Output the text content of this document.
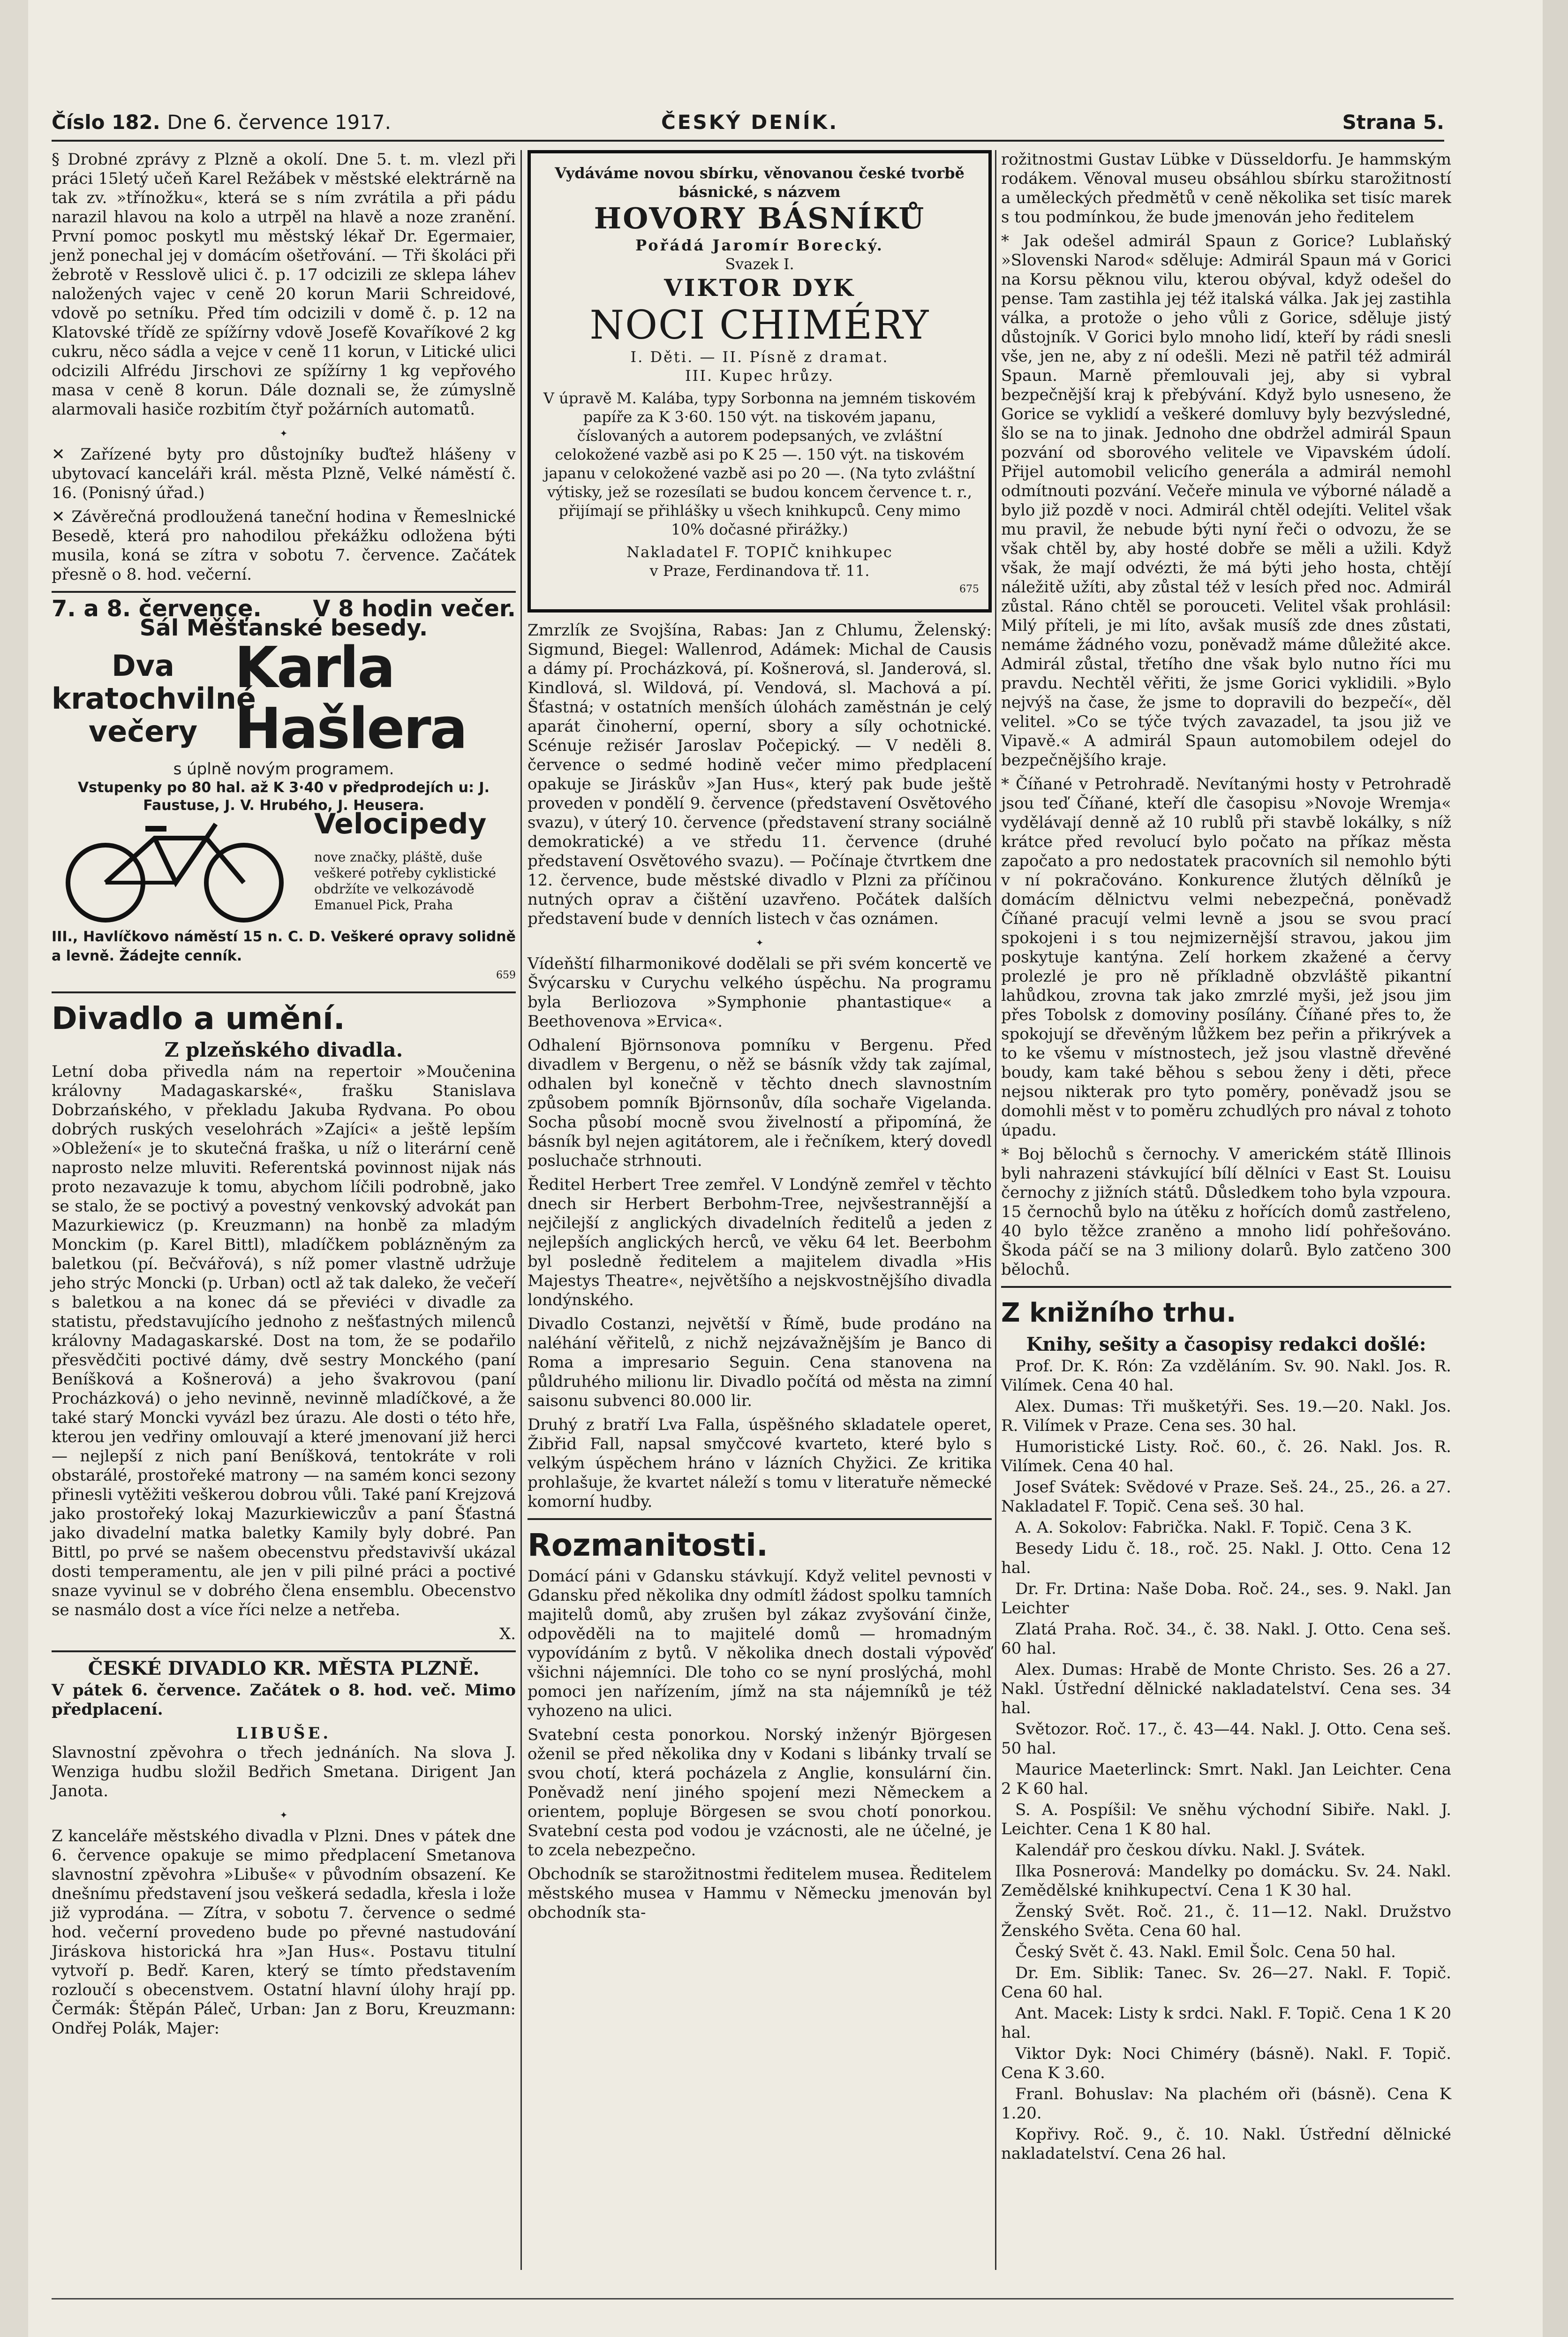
Číslo 182. Dne 6. července 1917.	ČESKÝ DENÍK.	Strana 5.

§ Drobné zprávy z Plzně a okolí. Dne 5. t. m. vlezl při práci 15letý učeň Karel Režábek v městské elektrárně na tak zv. »třínožku«, která se s ním zvrátila a při pádu narazil hlavou na kolo a utrpěl na hlavě a noze zranění. První pomoc poskytl mu městský lékař Dr. Egermaier, jenž ponechal jej v domácím ošetřování. — Tři školáci při žebrotě v Resslově ulici č. p. 17 odcizili ze sklepa láhev naložených vajec v ceně 20 korun Marii Schreidové, vdově po setníku. Před tím odcizili v domě č. p. 12 na Klatovské třídě ze spížírny vdově Josefě Kovaříkové 2 kg cukru, něco sádla a vejce v ceně 11 korun, v Litické ulici odcizili Alfrédu Jirschovi ze spížírny 1 kg vepřového masa v ceně 8 korun. Dále doznali se, že zúmyslně alarmovali hasiče rozbitím čtyř požárních automatů.

✦

✕ Zařízené byty pro důstojníky buďtež hlášeny v ubytovací kanceláři král. města Plzně, Velké náměstí č. 16. (Ponisný úřad.)

✕ Závěrečná prodloužená taneční hodina v Řemeslnické Besedě, která pro nahodilou překážku odložena býti musila, koná se zítra v sobotu 7. července. Začátek přesně o 8. hod. večerní.

7. a 8. července. V 8 hodin večer.
Sál Měšťanské besedy.
Dva kratochvilné večery
Karla Hašlera
s úplně novým programem.
Vstupenky po 80 hal. až K 3·40 v předprodejích u: J. Faustuse, J. V. Hrubého, J. Heusera.
Velocipedy
nove značky, pláště, duše veškeré potřeby cyklistické obdržíte ve velkozávodě Emanuel Pick, Praha
III., Havlíčkovo náměstí 15 n. C. D. Veškeré opravy solidně a levně. Žádejte cenník.
659
Divadlo a umění.
Z plzeňského divadla.

Letní doba přivedla nám na repertoir »Moučenina královny Madagaskarské«, frašku Stanislava Dobrzańského, v překladu Jakuba Rydvana. Po obou dobrých ruských veselohrách »Zajíci« a ještě lepším »Obležení« je to skutečná fraška, u níž o literární ceně naprosto nelze mluviti. Referentská povinnost nijak nás proto nezavazuje k tomu, abychom líčili podrobně, jako se stalo, že se poctivý a povestný venkovský advokát pan Mazurkiewicz (p. Kreuzmann) na honbě za mladým Monckim (p. Karel Bittl), mladíčkem poblázněným za baletkou (pí. Bečvářová), s níž pomer vlastně udržuje jeho strýc Moncki (p. Urban) octl až tak daleko, že večeří s baletkou a na konec dá se převiéci v divadle za statistu, představujícího jednoho z nešťastných milenců královny Madagaskarské. Dost na tom, že se podařilo přesvědčiti poctivé dámy, dvě sestry Monckého (paní Beníšková a Košnerová) a jeho švakrovou (paní Procházková) o jeho nevinně, nevinně mladíčkové, a že také starý Moncki vyvázl bez úrazu. Ale dosti o této hře, kterou jen vedřiny omlouvají a které jmenovaní již herci — nejlepší z nich paní Beníšková, tentokráte v roli obstarálé, prostořeké matrony — na samém konci sezony přinesli vytěžiti veškerou dobrou vůli. Také paní Krejzová jako prostořeký lokaj Mazurkiewiczův a paní Šťastná jako divadelní matka baletky Kamily byly dobré. Pan Bittl, po prvé se našem obecenstvu představivší ukázal dosti temperamentu, ale jen v pili pilné práci a poctivé snaze vyvinul se v dobrého člena ensemblu. Obecenstvo se nasmálo dost a více říci nelze a netřeba.

X.
ČESKÉ DIVADLO KR. MĚSTA PLZNĚ.

V pátek 6. července. Začátek o 8. hod. več. Mimo předplacení.

LIBUŠE.

Slavnostní zpěvohra o třech jednáních. Na slova J. Wenziga hudbu složil Bedřich Smetana. Dirigent Jan Janota.

✦

Z kanceláře městského divadla v Plzni. Dnes v pátek dne 6. července opakuje se mimo předplacení Smetanova slavnostní zpěvohra »Libuše« v původním obsazení. Ke dnešnímu představení jsou veškerá sedadla, křesla i lože již vyprodána. — Zítra, v sobotu 7. července o sedmé hod. večerní provedeno bude po převné nastudování Jiráskova historická hra »Jan Hus«. Postavu titulní vytvoří p. Bedř. Karen, který se tímto představením rozloučí s obecenstvem. Ostatní hlavní úlohy hrají pp. Čermák: Štěpán Páleč, Urban: Jan z Boru, Kreuzmann: Ondřej Polák, Majer:

Vydáváme novou sbírku, věnovanou české tvorbě básnické, s názvem
HOVORY BÁSNÍKŮ
Pořádá Jaromír Borecký.
Svazek I.
VIKTOR DYK
NOCI CHIMÉRY
I. Děti. — II. Písně z dramat.
III. Kupec hrůzy.
V úpravě M. Kalába, typy Sorbonna na jemném tiskovém papíře za K 3·60. 150 výt. na tiskovém japanu, číslovaných a autorem podepsaných, ve zvláštní celokožené vazbě asi po K 25 —. 150 výt. na tiskovém japanu v celokožené vazbě asi po 20 —. (Na tyto zvláštní výtisky, jež se rozesílati se budou koncem července t. r., přijímají se přihlášky u všech knihkupců. Ceny mimo 10% dočasné přirážky.)
Nakladatel F. TOPIČ knihkupec
v Praze, Ferdinandova tř. 11.
675

Zmrzlík ze Svojšína, Rabas: Jan z Chlumu, Želenský: Sigmund, Biegel: Wallenrod, Adámek: Michal de Causis a dámy pí. Procházková, pí. Košnerová, sl. Janderová, sl. Kindlová, sl. Wildová, pí. Vendová, sl. Machová a pí. Šťastná; v ostatních menších úlohách zaměstnán je celý aparát činoherní, operní, sbory a síly ochotnické. Scénuje režisér Jaroslav Počepický. — V neděli 8. července o sedmé hodině večer mimo předplacení opakuje se Jiráskův »Jan Hus«, který pak bude ještě proveden v pondělí 9. července (představení Osvětového svazu), v úterý 10. července (představení strany sociálně demokratické) a ve středu 11. července (druhé představení Osvětového svazu). — Počínaje čtvrtkem dne 12. července, bude městské divadlo v Plzni za příčinou nutných oprav a čištění uzavřeno. Počátek dalších představení bude v denních listech v čas oznámen.

✦

Vídeňští filharmonikové dodělali se při svém koncertě ve Švýcarsku v Curychu velkého úspěchu. Na programu byla Berliozova »Symphonie phantastique« a Beethovenova »Ervica«.

Odhalení Björnsonova pomníku v Bergenu. Před divadlem v Bergenu, o něž se básník vždy tak zajímal, odhalen byl konečně v těchto dnech slavnostním způsobem pomník Björnsonův, díla sochaře Vigelanda. Socha působí mocně svou živelností a připomíná, že básník byl nejen agitátorem, ale i řečníkem, který dovedl posluchače strhnouti.

Ředitel Herbert Tree zemřel. V Londýně zemřel v těchto dnech sir Herbert Berbohm-Tree, nejvšestrannější a nejčilejší z anglických divadelních ředitelů a jeden z nejlepších anglických herců, ve věku 64 let. Beerbohm byl posledně ředitelem a majitelem divadla »His Majestys Theatre«, největšího a nejskvostnějšího divadla londýnského.

Divadlo Costanzi, největší v Římě, bude prodáno na naléhání věřitelů, z nichž nejzávažnějším je Banco di Roma a impresario Seguin. Cena stanovena na půldruhého milionu lir. Divadlo počítá od města na zimní saisonu subvenci 80.000 lir.

Druhý z bratří Lva Falla, úspěšného skladatele operet, Žibřid Fall, napsal smyčcové kvarteto, které bylo s velkým úspěchem hráno v lázních Chyžici. Ze kritika prohlašuje, že kvartet náleží s tomu v literatuře německé komorní hudby.

Rozmanitosti.

Domácí páni v Gdansku stávkují. Když velitel pevnosti v Gdansku před několika dny odmítl žádost spolku tamních majitelů domů, aby zrušen byl zákaz zvyšování činže, odpověděli na to majitelé domů — hromadným vypovídáním z bytů. V několika dnech dostali výpověď všichni nájemníci. Dle toho co se nyní proslýchá, mohl pomoci jen nařízením, jímž na sta nájemníků je též vyhozeno na ulici.

Svatební cesta ponorkou. Norský inženýr Björgesen oženil se před několika dny v Kodani s libánky trvalí se svou chotí, která pocházela z Anglie, konsulární čin. Poněvadž není jiného spojení mezi Německem a orientem, popluje Börgesen se svou chotí ponorkou. Svatební cesta pod vodou je vzácnosti, ale ne účelné, je to zcela nebezpečno.

Obchodník se starožitnostmi ředitelem musea. Ředitelem městského musea v Hammu v Německu jmenován byl obchodník sta-

rožitnostmi Gustav Lübke v Düsseldorfu. Je hammským rodákem. Věnoval museu obsáhlou sbírku starožitností a uměleckých předmětů v ceně několika set tisíc marek s tou podmínkou, že bude jmenován jeho ředitelem

* Jak odešel admirál Spaun z Gorice? Lublaňský »Slovenski Narod« sděluje: Admirál Spaun má v Gorici na Korsu pěknou vilu, kterou obýval, když odešel do pense. Tam zastihla jej též italská válka. Jak jej zastihla válka, a protože o jeho vůli z Gorice, sděluje jistý důstojník. V Gorici bylo mnoho lidí, kteří by rádi snesli vše, jen ne, aby z ní odešli. Mezi ně patřil též admirál Spaun. Marně přemlouvali jej, aby si vybral bezpečnější kraj k přebývání. Když bylo usneseno, že Gorice se vyklidí a veškeré domluvy byly bezvýsledné, šlo se na to jinak. Jednoho dne obdržel admirál Spaun pozvání od sborového velitele ve Vipavském údolí. Přijel automobil velicího generála a admirál nemohl odmítnouti pozvání. Večeře minula ve výborné náladě a bylo již pozdě v noci. Admirál chtěl odejíti. Velitel však mu pravil, že nebude býti nyní řeči o odvozu, že se však chtěl by, aby hosté dobře se měli a užili. Když však, že mají odvézti, že má býti jeho hosta, chtějí náležitě užíti, aby zůstal též v lesích před noc. Admirál zůstal. Ráno chtěl se porouceti. Velitel však prohlásil: Milý příteli, je mi líto, avšak musíš zde dnes zůstati, nemáme žádného vozu, poněvadž máme důležité akce. Admirál zůstal, třetího dne však bylo nutno říci mu pravdu. Nechtěl věřiti, že jsme Gorici vyklidili. »Bylo nejvýš na čase, že jsme to dopravili do bezpečí«, děl velitel. »Co se týče tvých zavazadel, ta jsou již ve Vipavě.« A admirál Spaun automobilem odejel do bezpečnějšího kraje.

* Číňané v Petrohradě. Nevítanými hosty v Petrohradě jsou teď Číňané, kteří dle časopisu »Novoje Wremja« vydělávají denně až 10 rublů při stavbě lokálky, s níž krátce před revolucí bylo počato na příkaz města započato a pro nedostatek pracovních sil nemohlo býti v ní pokračováno. Konkurence žlutých dělníků je domácím dělnictvu velmi nebezpečná, poněvadž Číňané pracují velmi levně a jsou se svou prací spokojeni i s tou nejmizernější stravou, jakou jim poskytuje kantýna. Zelí horkem zkažené a červy prolezlé je pro ně příkladně obzvláště pikantní lahůdkou, zrovna tak jako zmrzlé myši, jež jsou jim přes Tobolsk z domoviny posílány. Číňané přes to, že spokojují se dřevěným lůžkem bez peřin a přikrývek a to ke všemu v místnostech, jež jsou vlastně dřevěné boudy, kam také běhou s sebou ženy i děti, přece nejsou nikterak pro tyto poměry, poněvadž jsou se domohli měst v to poměru zchudlých pro nával z tohoto úpadu.

* Boj bělochů s černochy. V americkém státě Illinois byli nahrazeni stávkující bílí dělníci v East St. Louisu černochy z jižních států. Důsledkem toho byla vzpoura. 15 černochů bylo na útěku z hořících domů zastřeleno, 40 bylo těžce zraněno a mnoho lidí pohřešováno. Škoda páčí se na 3 miliony dolarů. Bylo zatčeno 300 bělochů.

Z knižního trhu.
Knihy, sešity a časopisy redakci došlé:

Prof. Dr. K. Rón: Za vzděláním. Sv. 90. Nakl. Jos. R. Vilímek. Cena 40 hal.

Alex. Dumas: Tři mušketýři. Ses. 19.—20. Nakl. Jos. R. Vilímek v Praze. Cena ses. 30 hal.

Humoristické Listy. Roč. 60., č. 26. Nakl. Jos. R. Vilímek. Cena 40 hal.

Josef Svátek: Svědové v Praze. Seš. 24., 25., 26. a 27. Nakladatel F. Topič. Cena seš. 30 hal.

A. A. Sokolov: Fabrička. Nakl. F. Topič. Cena 3 K.

Besedy Lidu č. 18., roč. 25. Nakl. J. Otto. Cena 12 hal.

Dr. Fr. Drtina: Naše Doba. Roč. 24., ses. 9. Nakl. Jan Leichter

Zlatá Praha. Roč. 34., č. 38. Nakl. J. Otto. Cena seš. 60 hal.

Alex. Dumas: Hrabě de Monte Christo. Ses. 26 a 27. Nakl. Ústřední dělnické nakladatelství. Cena ses. 34 hal.

Světozor. Roč. 17., č. 43—44. Nakl. J. Otto. Cena seš. 50 hal.

Maurice Maeterlinck: Smrt. Nakl. Jan Leichter. Cena 2 K 60 hal.

S. A. Pospíšil: Ve sněhu východní Sibiře. Nakl. J. Leichter. Cena 1 K 80 hal.

Kalendář pro českou dívku. Nakl. J. Svátek.

Ilka Posnerová: Mandelky po domácku. Sv. 24. Nakl. Zemědělské knihkupectví. Cena 1 K 30 hal.

Ženský Svět. Roč. 21., č. 11—12. Nakl. Družstvo Ženského Světa. Cena 60 hal.

Český Svět č. 43. Nakl. Emil Šolc. Cena 50 hal.

Dr. Em. Siblik: Tanec. Sv. 26—27. Nakl. F. Topič. Cena 60 hal.

Ant. Macek: Listy k srdci. Nakl. F. Topič. Cena 1 K 20 hal.

Viktor Dyk: Noci Chiméry (básně). Nakl. F. Topič. Cena K 3.60.

Franl. Bohuslav: Na plachém oři (básně). Cena K 1.20.

Kopřivy. Roč. 9., č. 10. Nakl. Ústřední dělnické nakladatelství. Cena 26 hal.
